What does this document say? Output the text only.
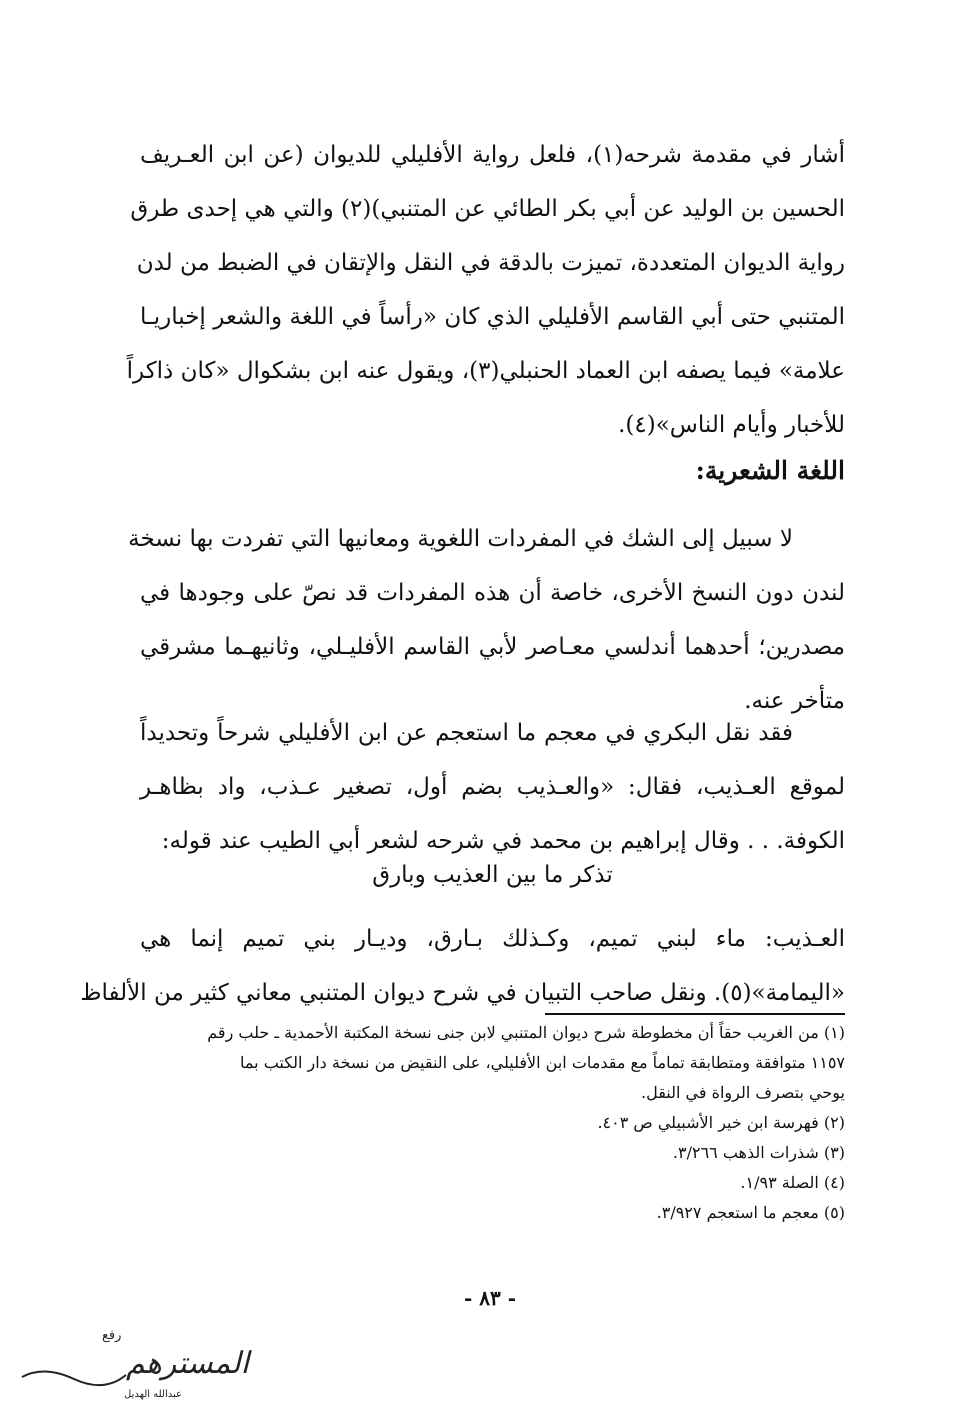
أشار في مقدمة شرحه(١)، فلعل رواية الأفليلي للديوان (عن ابن العـريف
الحسين بن الوليد عن أبي بكر الطائي عن المتنبي)(٢) والتي هي إحدى طرق
رواية الديوان المتعددة، تميزت بالدقة في النقل والإتقان في الضبط من لدن
المتنبي حتى أبي القاسم الأفليلي الذي كان «رأساً في اللغة والشعر إخباريـا
علامة» فيما يصفه ابن العماد الحنبلي(٣)، ويقول عنه ابن بشكوال «كان ذاكراً
للأخبار وأيام الناس»(٤).
اللغة الشعرية:
لا سبيل إلى الشك في المفردات اللغوية ومعانيها التي تفردت بها نسخة
لندن دون النسخ الأخرى، خاصة أن هذه المفردات قد نصّ على وجودها في
مصدرين؛ أحدهما أندلسي معـاصر لأبي القاسم الأفليـلي، وثانيهـما مشرقي
متأخر عنه.
فقد نقل البكري في معجم ما استعجم عن ابن الأفليلي شرحاً وتحديداً
لموقع العـذيب، فقال: «والعـذيب بضم أول، تصغير عـذب، واد بظاهـر
الكوفة. . . وقال إبراهيم بن محمد في شرحه لشعر أبي الطيب عند قوله:
تذكر ما بين العذيب وبارق
العـذيب: ماء لبني تميم، وكـذلك بـارق، وديـار بني تميم إنما هي
«اليمامة»(٥). ونقل صاحب التبيان في شرح ديوان المتنبي معاني كثير من الألفاظ
(١) من الغريب حقاً أن مخطوطة شرح ديوان المتنبي لابن جنى نسخة المكتبة الأحمدية ـ حلب رقم
١١٥٧ متوافقة ومتطابقة تماماً مع مقدمات ابن الأفليلي، على النقيض من نسخة دار الكتب بما
يوحي بتصرف الرواة في النقل.
(٢) فهرسة ابن خير الأشبيلي ص ٤٠٣.
(٣) شذرات الذهب ٣/٢٦٦.
(٤) الصلة ١/٩٣.
(٥) معجم ما استعجم ٣/٩٢٧.
- ٨٣ -
رفع
المسترهم
عبدالله الهديل
